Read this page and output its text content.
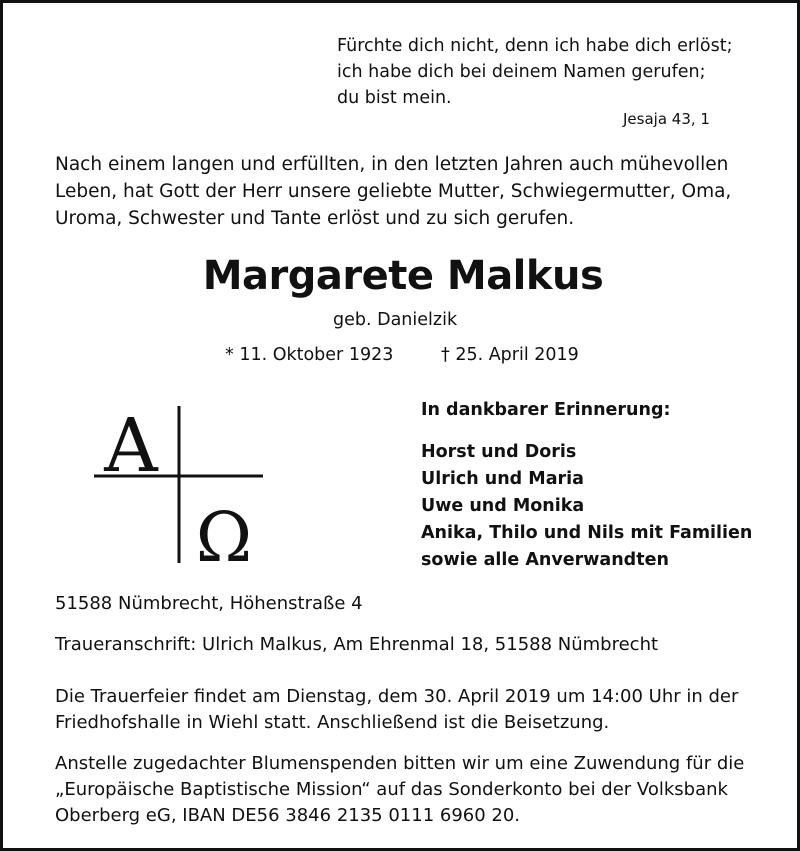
Fürchte dich nicht, denn ich habe dich erlöst;
ich habe dich bei deinem Namen gerufen;
du bist mein.
Jesaja 43, 1
Nach einem langen und erfüllten, in den letzten Jahren auch mühevollen
Leben, hat Gott der Herr unsere geliebte Mutter, Schwiegermutter, Oma,
Uroma, Schwester und Tante erlöst und zu sich gerufen.
Margarete Malkus
geb. Danielzik
* 11. Oktober 1923	† 25. April 2019
A
Ω
In dankbarer Erinnerung:
Horst und Doris
Ulrich und Maria
Uwe und Monika
Anika, Thilo und Nils mit Familien
sowie alle Anverwandten
51588 Nümbrecht, Höhenstraße 4
Traueranschrift: Ulrich Malkus, Am Ehrenmal 18, 51588 Nümbrecht
Die Trauerfeier findet am Dienstag, dem 30. April 2019 um 14:00 Uhr in der
Friedhofshalle in Wiehl statt. Anschließend ist die Beisetzung.
Anstelle zugedachter Blumenspenden bitten wir um eine Zuwendung für die
„Europäische Baptistische Mission“ auf das Sonderkonto bei der Volksbank
Oberberg eG, IBAN DE56 3846 2135 0111 6960 20.
